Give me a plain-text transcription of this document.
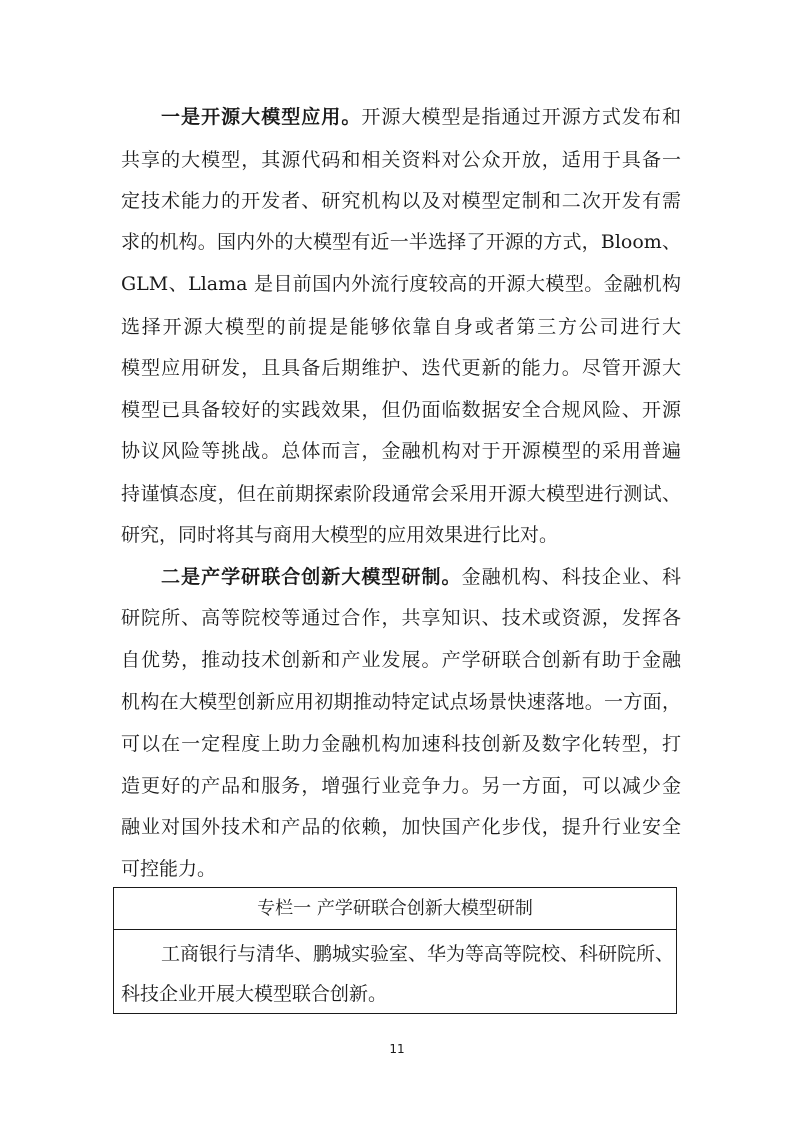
一是开源大模型应用。开源大模型是指通过开源方式发布和
共享的大模型，其源代码和相关资料对公众开放，适用于具备一
定技术能力的开发者、研究机构以及对模型定制和二次开发有需
求的机构。国内外的大模型有近一半选择了开源的方式，Bloom、
GLM、Llama 是目前国内外流行度较高的开源大模型。金融机构
选择开源大模型的前提是能够依靠自身或者第三方公司进行大
模型应用研发，且具备后期维护、迭代更新的能力。尽管开源大
模型已具备较好的实践效果，但仍面临数据安全合规风险、开源
协议风险等挑战。总体而言，金融机构对于开源模型的采用普遍
持谨慎态度，但在前期探索阶段通常会采用开源大模型进行测试、
研究，同时将其与商用大模型的应用效果进行比对。
二是产学研联合创新大模型研制。金融机构、科技企业、科
研院所、高等院校等通过合作，共享知识、技术或资源，发挥各
自优势，推动技术创新和产业发展。产学研联合创新有助于金融
机构在大模型创新应用初期推动特定试点场景快速落地。一方面，
可以在一定程度上助力金融机构加速科技创新及数字化转型，打
造更好的产品和服务，增强行业竞争力。另一方面，可以减少金
融业对国外技术和产品的依赖，加快国产化步伐，提升行业安全
可控能力。
专栏一 产学研联合创新大模型研制
工商银行与清华、鹏城实验室、华为等高等院校、科研院所、
科技企业开展大模型联合创新。
11
